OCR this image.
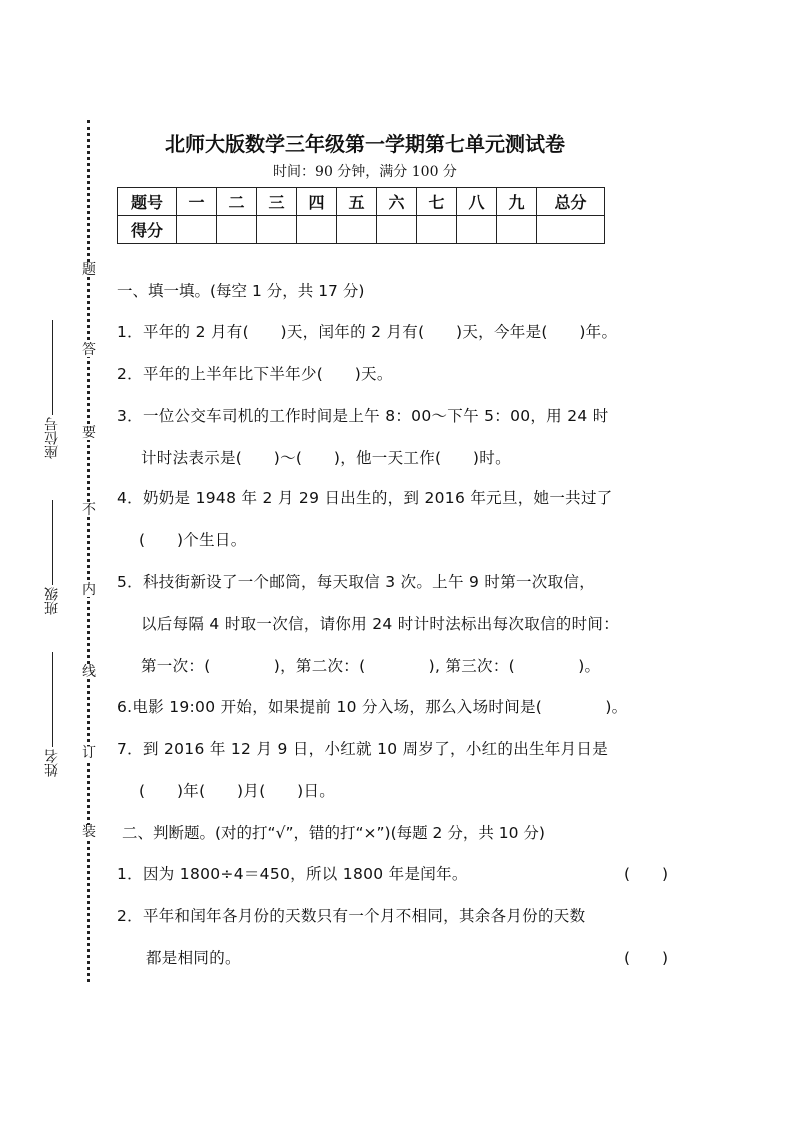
题
答
要
不
内
线
订
装
座位号
班级
姓名
北师大版数学三年级第一学期第七单元测试卷
时间：90 分钟，满分 100 分
题号	一	二	三	四	五	六	七	八	九	总分
得分										
一、填一填。(每空 1 分，共 17 分)
1．平年的 2 月有(　　)天，闰年的 2 月有(　　)天，今年是(　　)年。
2．平年的上半年比下半年少(　　)天。
3．一位公交车司机的工作时间是上午 8：00～下午 5：00，用 24 时
计时法表示是(　　)～(　　)，他一天工作(　　)时。
4．奶奶是 1948 年 2 月 29 日出生的，到 2016 年元旦，她一共过了
(　　)个生日。
5．科技街新设了一个邮筒，每天取信 3 次。上午 9 时第一次取信，
以后每隔 4 时取一次信，请你用 24 时计时法标出每次取信的时间：
第一次：(　　　　)，第二次：(　　　　), 第三次：(　　　　)。
6.电影 19:00 开始，如果提前 10 分入场，那么入场时间是(　　　　)。
7．到 2016 年 12 月 9 日，小红就 10 周岁了，小红的出生年月日是
(　　)年(　　)月(　　)日。
二、判断题。(对的打“√”，错的打“×”)(每题 2 分，共 10 分)
1．因为 1800÷4＝450，所以 1800 年是闰年。	(　　)
2．平年和闰年各月份的天数只有一个月不相同，其余各月份的天数
都是相同的。	(　　)
